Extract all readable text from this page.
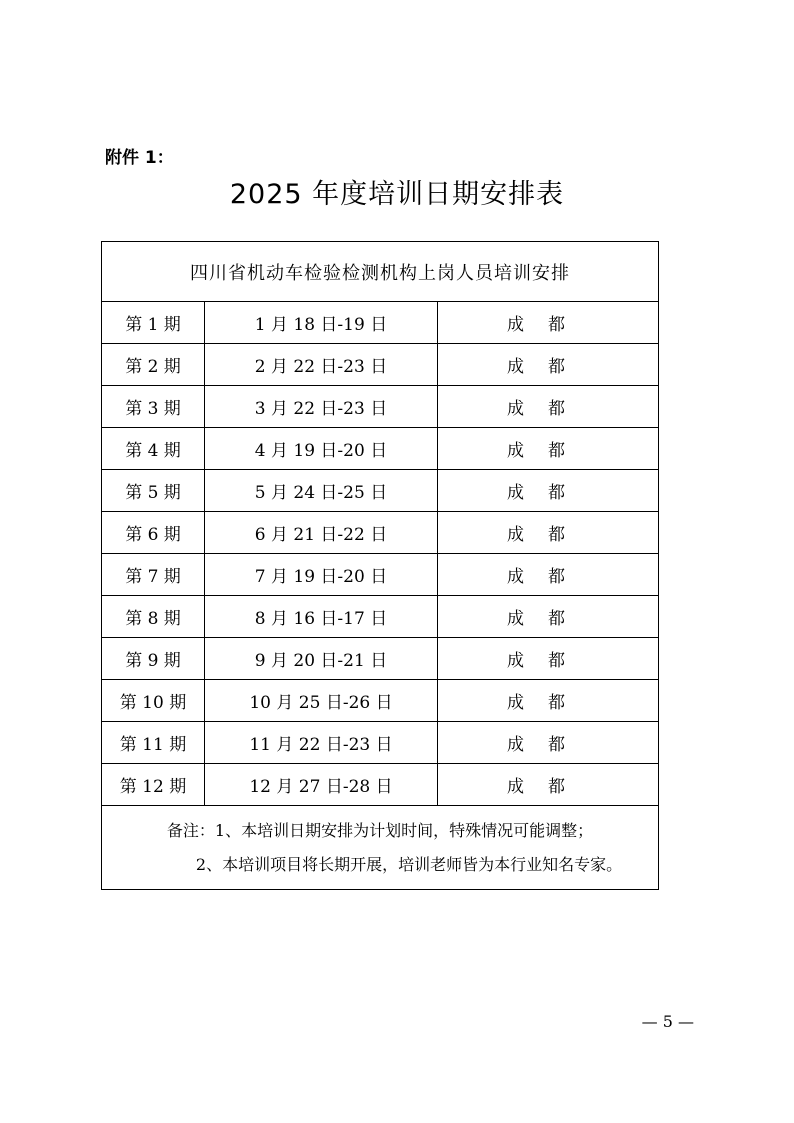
附件 1：
2025 年度培训日期安排表
四川省机动车检验检测机构上岗人员培训安排		
第 1 期	1 月 18 日-19 日	成都
第 2 期	2 月 22 日-23 日	成都
第 3 期	3 月 22 日-23 日	成都
第 4 期	4 月 19 日-20 日	成都
第 5 期	5 月 24 日-25 日	成都
第 6 期	6 月 21 日-22 日	成都
第 7 期	7 月 19 日-20 日	成都
第 8 期	8 月 16 日-17 日	成都
第 9 期	9 月 20 日-21 日	成都
第 10 期	10 月 25 日-26 日	成都
第 11 期	11 月 22 日-23 日	成都
第 12 期	12 月 27 日-28 日	成都

备注：1、本培训日期安排为计划时间，特殊情况可能调整；
2、本培训项目将长期开展，培训老师皆为本行业知名专家。		
— 5 —
